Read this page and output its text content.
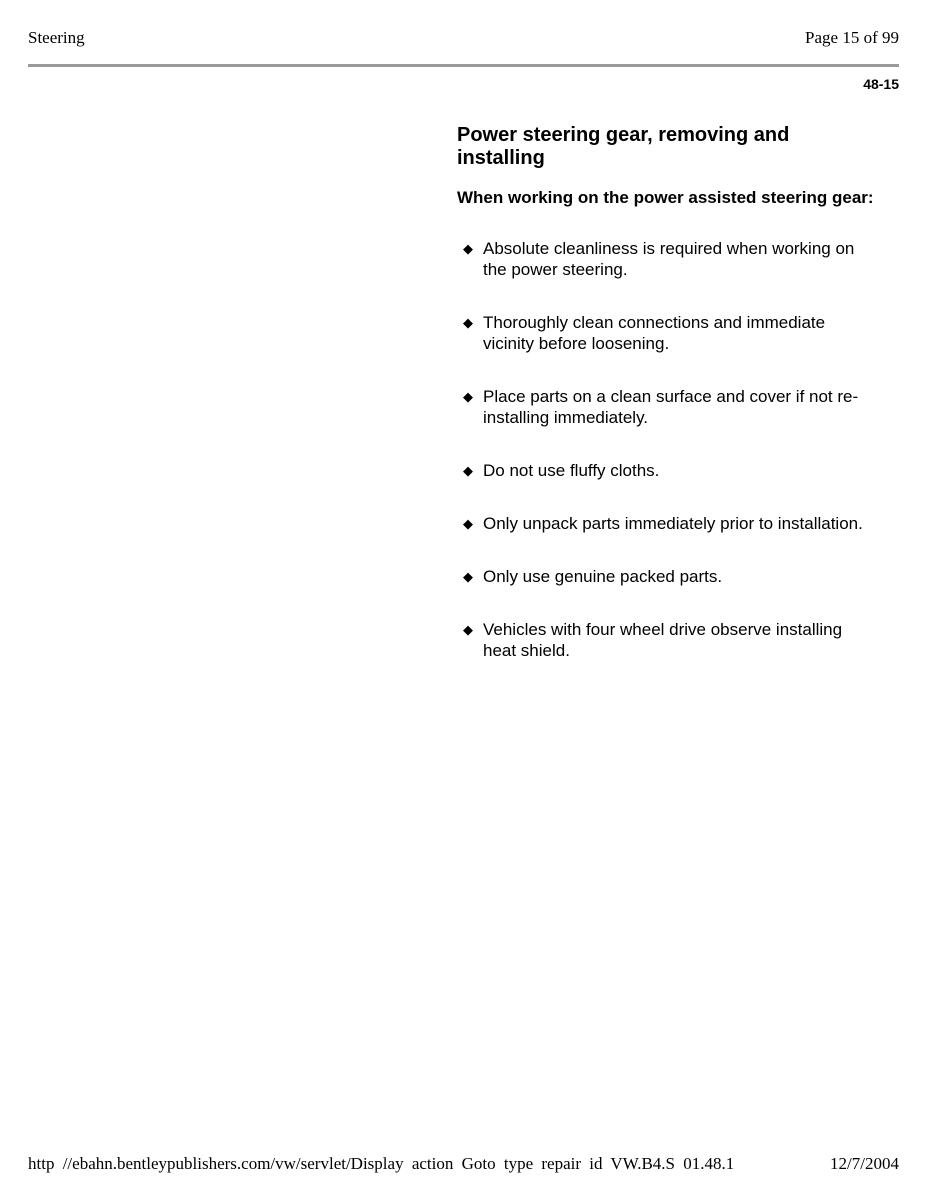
Steering	Page 15 of 99
48-15
Power steering gear, removing and installing
When working on the power assisted steering gear:
◆ Absolute cleanliness is required when working on the power steering.
◆ Thoroughly clean connections and immediate vicinity before loosening.
◆ Place parts on a clean surface and cover if not re-installing immediately.
◆ Do not use fluffy cloths.
◆ Only unpack parts immediately prior to installation.
◆ Only use genuine packed parts.
◆ Vehicles with four wheel drive observe installing heat shield.
http //ebahn.bentleypublishers.com/vw/servlet/Display action Goto type repair id VW.B4.S 01.48.1	12/7/2004
